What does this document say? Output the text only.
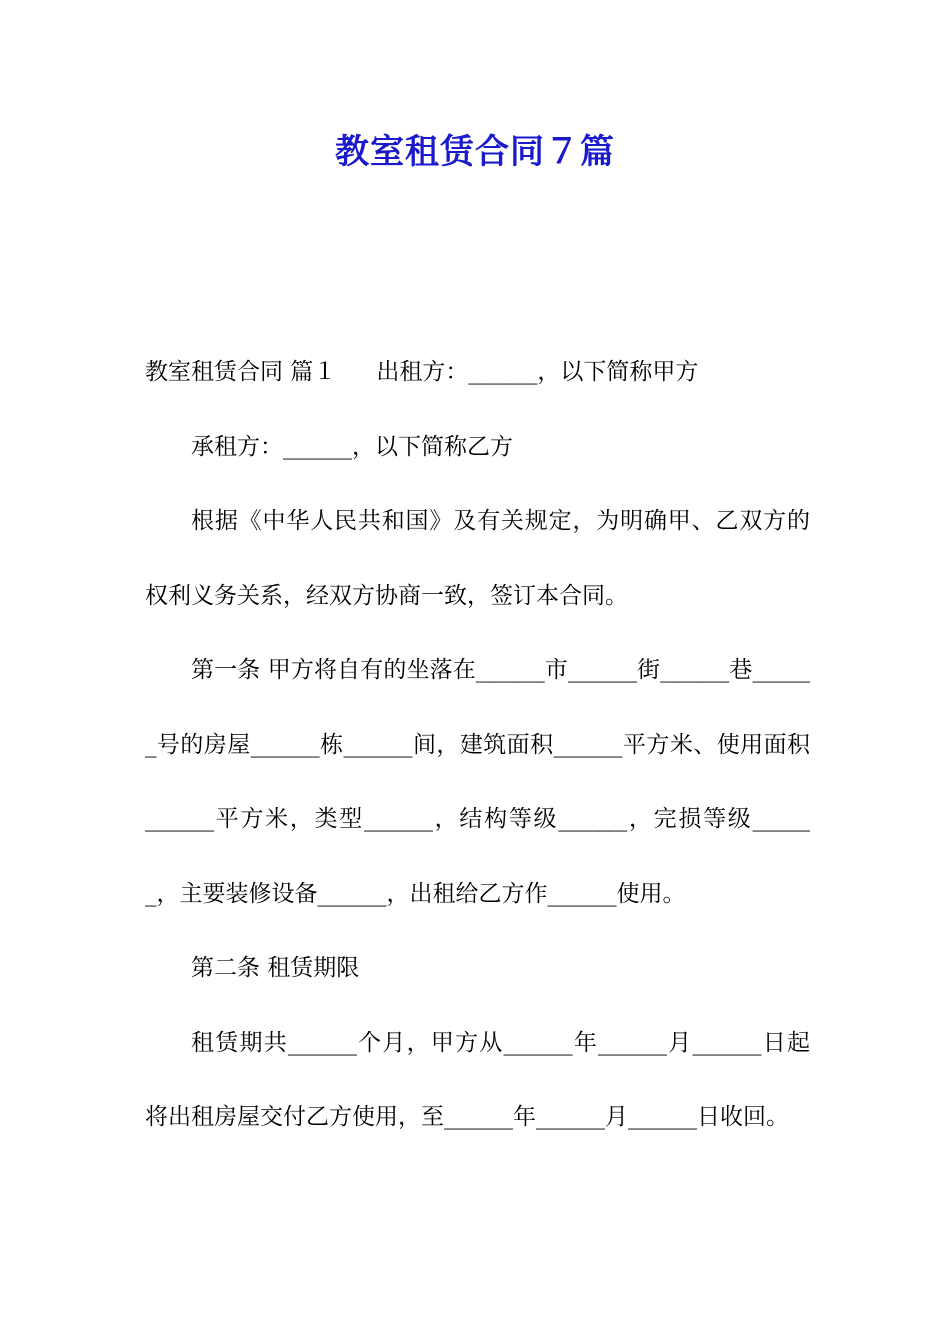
教室租赁合同７篇

教室租赁合同 篇１ 出租方：______，以下简称甲方

承租方：______，以下简称乙方

根据《中华人民共和国》及有关规定，为明确甲、乙双方的权利义务关系，经双方协商一致，签订本合同。

第一条 甲方将自有的坐落在______市______街______巷______号的房屋______栋______间，建筑面积______平方米、使用面积______平方米，类型______，结构等级______，完损等级______，主要装修设备______，出租给乙方作______使用。

第二条 租赁期限

租赁期共______个月，甲方从______年______月______日起将出租房屋交付乙方使用，至______年______月______日收回。
